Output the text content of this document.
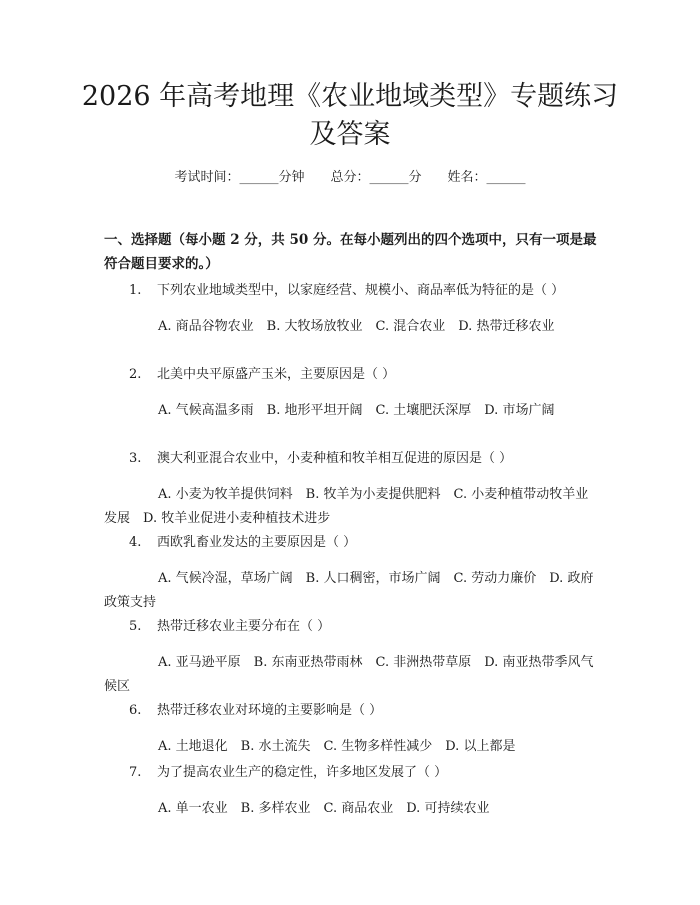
2026 年高考地理《农业地域类型》专题练习
及答案
考试时间：______分钟 总分：______分 姓名：______

一、选择题（每小题 2 分，共 50 分。在每小题列出的四个选项中，只有一项是最符合题目要求的。）

1. 下列农业地域类型中，以家庭经营、规模小、商品率低为特征的是（ ）
A. 商品谷物农业　B. 大牧场放牧业　C. 混合农业　D. 热带迁移农业
2. 北美中央平原盛产玉米，主要原因是（ ）
A. 气候高温多雨　B. 地形平坦开阔　C. 土壤肥沃深厚　D. 市场广阔
3. 澳大利亚混合农业中，小麦种植和牧羊相互促进的原因是（ ）
A. 小麦为牧羊提供饲料　B. 牧羊为小麦提供肥料　C. 小麦种植带动牧羊业发展　D. 牧羊业促进小麦种植技术进步
4. 西欧乳畜业发达的主要原因是（ ）
A. 气候冷湿，草场广阔　B. 人口稠密，市场广阔　C. 劳动力廉价　D. 政府政策支持
5. 热带迁移农业主要分布在（ ）
A. 亚马逊平原　B. 东南亚热带雨林　C. 非洲热带草原　D. 南亚热带季风气候区
6. 热带迁移农业对环境的主要影响是（ ）
A. 土地退化　B. 水土流失　C. 生物多样性减少　D. 以上都是
7. 为了提高农业生产的稳定性，许多地区发展了（ ）
A. 单一农业　B. 多样农业　C. 商品农业　D. 可持续农业
